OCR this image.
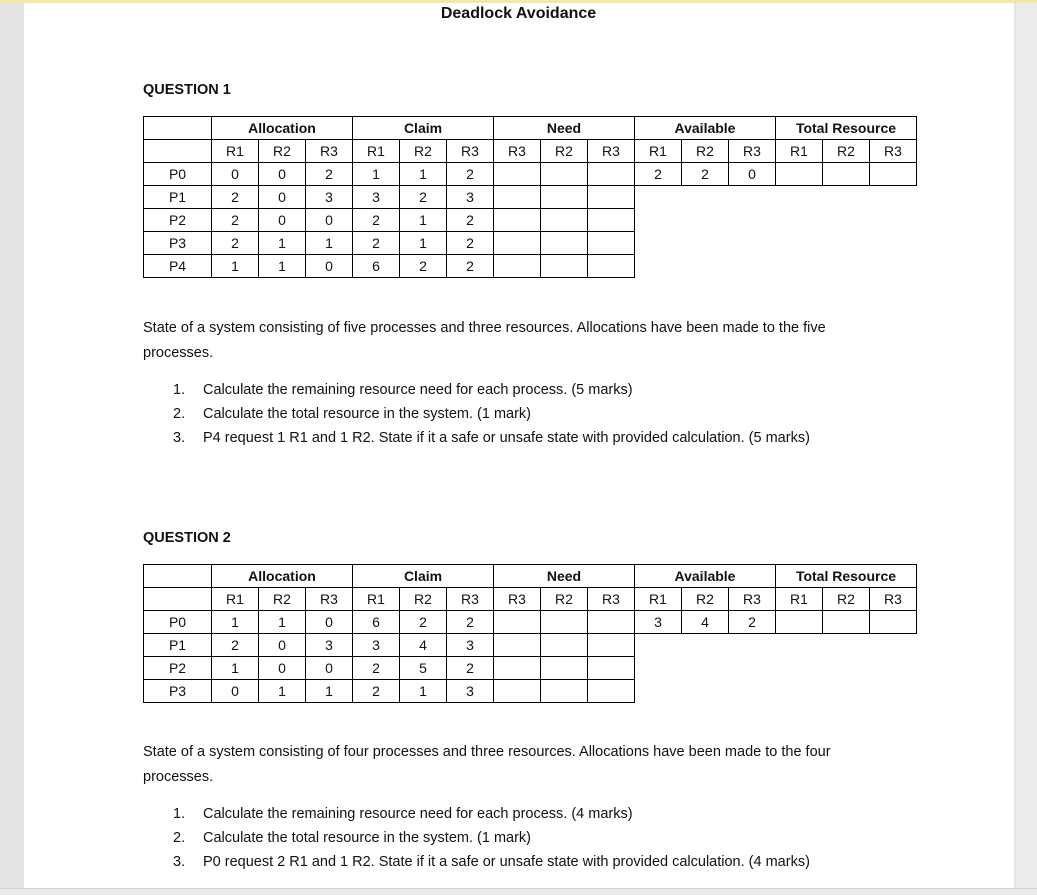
Deadlock Avoidance
QUESTION 1
	Allocation			Claim			Need			Available			Total Resource		
	R1	R2	R3	R1	R2	R3	R3	R2	R3	R1	R2	R3	R1	R2	R3
P0	0	0	2	1	1	2				2	2	0			
P1	2	0	3	3	2	3									
P2	2	0	0	2	1	2									
P3	2	1	1	2	1	2									
P4	1	1	0	6	2	2									
State of a system consisting of five processes and three resources. Allocations have been made to the five processes.
1. Calculate the remaining resource need for each process. (5 marks)
2. Calculate the total resource in the system. (1 mark)
3. P4 request 1 R1 and 1 R2. State if it a safe or unsafe state with provided calculation. (5 marks)
QUESTION 2
	Allocation			Claim			Need			Available			Total Resource		
	R1	R2	R3	R1	R2	R3	R3	R2	R3	R1	R2	R3	R1	R2	R3
P0	1	1	0	6	2	2				3	4	2			
P1	2	0	3	3	4	3									
P2	1	0	0	2	5	2									
P3	0	1	1	2	1	3									
State of a system consisting of four processes and three resources. Allocations have been made to the four processes.
1. Calculate the remaining resource need for each process. (4 marks)
2. Calculate the total resource in the system. (1 mark)
3. P0 request 2 R1 and 1 R2. State if it a safe or unsafe state with provided calculation. (4 marks)
